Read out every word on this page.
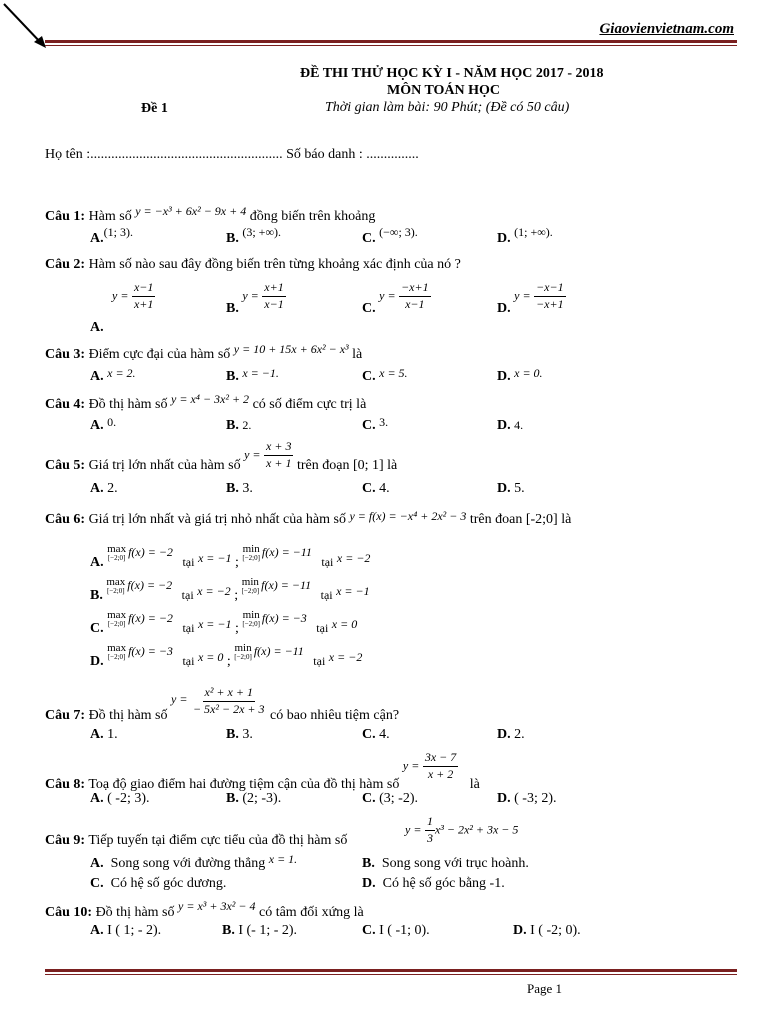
Giaovienvietnam.com
ĐỀ THI THỬ HỌC KỲ I - NĂM HỌC 2017 - 2018
MÔN TOÁN HỌC
Thời gian làm bài: 90 Phút; (Đề có 50 câu)
Đề 1
Họ tên :....................................................... Số báo danh : ...............
Câu 1: Hàm số y = −x³ + 6x² − 9x + 4 đồng biến trên khoảng
A.(1; 3).	B. (3; +∞).	C. (−∞; 3).	D. (1; +∞).
Câu 2: Hàm số nào sau đây đồng biến trên từng khoảng xác định của nó ?
$y = \frac{x-1}{x+1}$
A.
B. $y = \frac{x+1}{x-1}$	C. $y = \frac{-x+1}{x-1}$	D. $y = \frac{-x-1}{-x+1}$
Câu 3: Điểm cực đại của hàm số y = 10 + 15x + 6x² − x³ là
A. x = 2.	B. x = −1.	C. x = 5.	D. x = 0.
Câu 4: Đồ thị hàm số y = x⁴ − 3x² + 2 có số điểm cực trị là
A. 0.	B. 2.	C. 3.	D. 4.
Câu 5: Giá trị lớn nhất của hàm số $y = \frac{x + 3}{x + 1}$ trên đoạn [0; 1] là
A. 2.	B. 3.	C. 4.	D. 5.
Câu 6: Giá trị lớn nhất và giá trị nhỏ nhất của hàm số y = f(x) = −x⁴ + 2x² − 3 trên đoan [-2;0] là
A.
max
[−2;0] f(x) = −2 tại x = −1 ;
min
[−2;0] f(x) = −11 tại x = −2
B.
max
[−2;0] f(x) = −2 tại x = −2 ;
min
[−2;0] f(x) = −11 tại x = −1
C.
max
[−2;0] f(x) = −2 tại x = −1 ;
min
[−2;0] f(x) = −3 tại x = 0
D.
max
[−2;0] f(x) = −3 tại x = 0 ;
min
[−2;0] f(x) = −11 tại x = −2
Câu 7: Đồ thị hàm số $y = \frac{\text{x² + x + 1}}{\text{− 5x² − 2x + 3}}$ có bao nhiêu tiệm cận?
A. 1.	B. 3.	C. 4.	D. 2.
Câu 8: Toạ độ giao điểm hai đường tiệm cận của đồ thị hàm số $y = \frac{3x - 7}{x + 2}$
là
A. ( -2; 3).	B. (2; -3).	C. (3; -2).	D. ( -3; 2).
Câu 9: Tiếp tuyến tại điểm cực tiểu của đồ thị hàm số
$y = \frac{1}{3} x^3 - 2x^2 + 3x - 5$
A. Song song với đường thẳng x = 1.	B. Song song với trục hoành.
C. Có hệ số góc dương.	D. Có hệ số góc bằng -1.
Câu 10: Đồ thị hàm số y = x³ + 3x² − 4 có tâm đối xứng là
A. I ( 1; - 2).	B. I (- 1; - 2).	C. I ( -1; 0).	D. I ( -2; 0).
Page 1
